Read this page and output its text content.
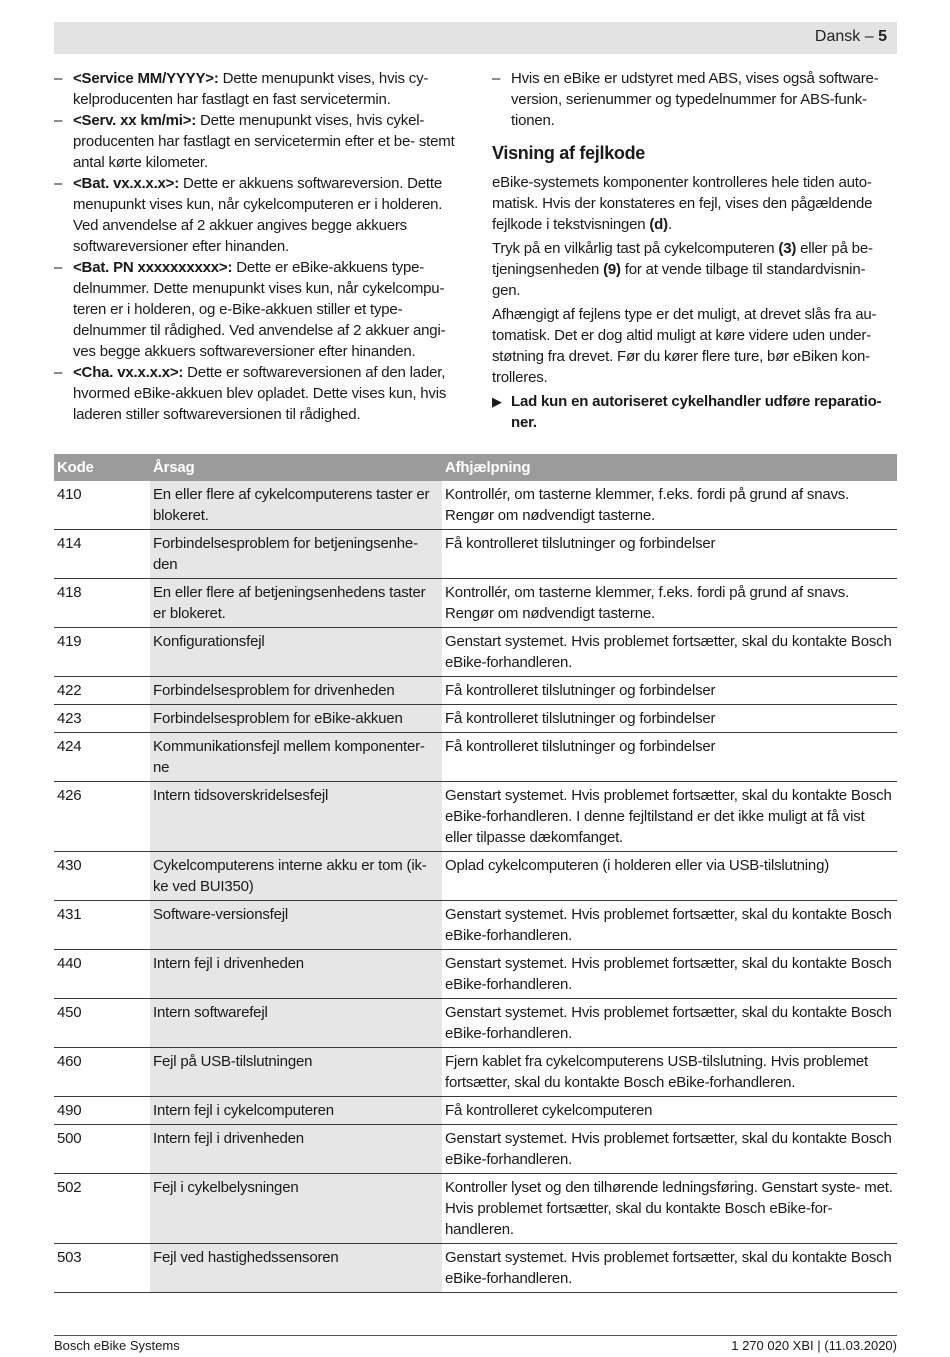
Dansk – 5
– <Service MM/YYYY>: Dette menupunkt vises, hvis cy- kelproducenten har fastlagt en fast servicetermin.
– <Serv. xx km/mi>: Dette menupunkt vises, hvis cykel- producenten har fastlagt en servicetermin efter et be- stemt antal kørte kilometer.
– <Bat. vx.x.x.x>: Dette er akkuens softwareversion. Dette menupunkt vises kun, når cykelcomputeren er i holderen. Ved anvendelse af 2 akkuer angives begge akkuers softwareversioner efter hinanden.
– <Bat. PN xxxxxxxxxx>: Dette er eBike-akkuens type- delnummer. Dette menupunkt vises kun, når cykelcompu- teren er i holderen, og e-Bike-akkuen stiller et type- delnummer til rådighed. Ved anvendelse af 2 akkuer angi- ves begge akkuers softwareversioner efter hinanden.
– <Cha. vx.x.x.x>: Dette er softwareversionen af den lader, hvormed eBike-akkuen blev opladet. Dette vises kun, hvis laderen stiller softwareversionen til rådighed.
– Hvis en eBike er udstyret med ABS, vises også software- version, serienummer og typedelnummer for ABS-funk- tionen.
Visning af fejlkode

eBike-systemets komponenter kontrolleres hele tiden auto- matisk. Hvis der konstateres en fejl, vises den pågældende fejlkode i tekstvisningen (d).

Tryk på en vilkårlig tast på cykelcomputeren (3) eller på be- tjeningsenheden (9) for at vende tilbage til standardvisnin- gen.

Afhængigt af fejlens type er det muligt, at drevet slås fra au- tomatisk. Det er dog altid muligt at køre videre uden under- støtning fra drevet. Før du kører flere ture, bør eBiken kon- trolleres.

▶ Lad kun en autoriseret cykelhandler udføre reparatio- ner.
Kode	Årsag	Afhjælpning
410	En eller flere af cykelcomputerens taster er blokeret.	Kontrollér, om tasterne klemmer, f.eks. fordi på grund af snavs. Rengør om nødvendigt tasterne.
414	Forbindelsesproblem for betjeningsenhe- den	Få kontrolleret tilslutninger og forbindelser
418	En eller flere af betjeningsenhedens taster er blokeret.	Kontrollér, om tasterne klemmer, f.eks. fordi på grund af snavs. Rengør om nødvendigt tasterne.
419	Konfigurationsfejl	Genstart systemet. Hvis problemet fortsætter, skal du kontakte Bosch eBike-forhandleren.
422	Forbindelsesproblem for drivenheden	Få kontrolleret tilslutninger og forbindelser
423	Forbindelsesproblem for eBike-akkuen	Få kontrolleret tilslutninger og forbindelser
424	Kommunikationsfejl mellem komponenter- ne	Få kontrolleret tilslutninger og forbindelser
426	Intern tidsoverskridelsesfejl	Genstart systemet. Hvis problemet fortsætter, skal du kontakte Bosch eBike-forhandleren. I denne fejltilstand er det ikke muligt at få vist eller tilpasse dækomfanget.
430	Cykelcomputerens interne akku er tom (ik- ke ved BUI350)	Oplad cykelcomputeren (i holderen eller via USB-tilslutning)
431	Software-versionsfejl	Genstart systemet. Hvis problemet fortsætter, skal du kontakte Bosch eBike-forhandleren.
440	Intern fejl i drivenheden	Genstart systemet. Hvis problemet fortsætter, skal du kontakte Bosch eBike-forhandleren.
450	Intern softwarefejl	Genstart systemet. Hvis problemet fortsætter, skal du kontakte Bosch eBike-forhandleren.
460	Fejl på USB-tilslutningen	Fjern kablet fra cykelcomputerens USB-tilslutning. Hvis problemet fortsætter, skal du kontakte Bosch eBike-forhandleren.
490	Intern fejl i cykelcomputeren	Få kontrolleret cykelcomputeren
500	Intern fejl i drivenheden	Genstart systemet. Hvis problemet fortsætter, skal du kontakte Bosch eBike-forhandleren.
502	Fejl i cykelbelysningen	Kontroller lyset og den tilhørende ledningsføring. Genstart syste- met. Hvis problemet fortsætter, skal du kontakte Bosch eBike-for- handleren.
503	Fejl ved hastighedssensoren	Genstart systemet. Hvis problemet fortsætter, skal du kontakte Bosch eBike-forhandleren.
Bosch eBike Systems	1 270 020 XBI | (11.03.2020)
